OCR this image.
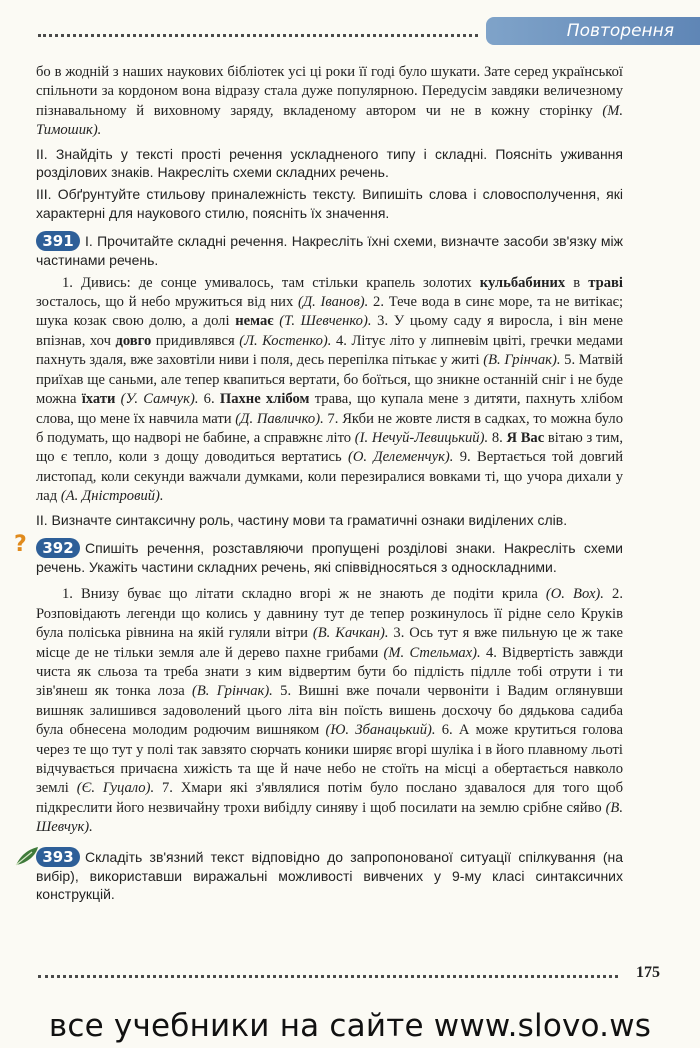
Повторення

бо в жодній з наших наукових бібліотек усі ці роки її годі було шукати. Зате серед української спільноти за кордоном вона відразу стала дуже популярною. Передусім завдяки величезному пізнавальному й виховному заряду, вкладеному автором чи не в кожну сторінку (М. Тимошик).

II. Знайдіть у тексті прості речення ускладненого типу і складні. Поясніть уживання розділових знаків. Накресліть схеми складних речень.

III. Обґрунтуйте стильову приналежність тексту. Випишіть слова і словосполучення, які характерні для наукового стилю, поясніть їх значення.

391 I. Прочитайте складні речення. Накресліть їхні схеми, визначте засоби зв'язку між частинами речень.

1. Дивись: де сонце умивалось, там стільки крапель золотих кульбабиних в траві зосталось, що й небо мружиться від них (Д. Іванов). 2. Тече вода в синє море, та не витікає; шука козак свою долю, а долі немає (Т. Шевченко). 3. У цьому саду я виросла, і він мене впізнав, хоч довго придивлявся (Л. Костенко). 4. Літує літо у липневім цвіті, гречки медами пахнуть здаля, вже заховтіли ниви і поля, десь перепілка пітькає у житі (В. Грінчак). 5. Матвій приїхав ще саньми, але тепер квапиться вертати, бо боїться, що зникне останній сніг і не буде можна їхати (У. Самчук). 6. Пахне хлібом трава, що купала мене з дитяти, пахнуть хлібом слова, що мене їх навчила мати (Д. Павличко). 7. Якби не жовте листя в садках, то можна було б подумать, що надворі не бабине, а справжнє літо (І. Нечуй-Левицький). 8. Я Вас вітаю з тим, що є тепло, коли з дощу доводиться вертатись (О. Делеменчук). 9. Вертається той довгий листопад, коли секунди важчали думками, коли перезиралися вовками ті, що учора дихали у лад (А. Дністровий).

II. Визначте синтаксичну роль, частину мови та граматичні ознаки виділених слів.

?	392 Спишіть речення, розставляючи пропущені розділові знаки. Накресліть схеми речень. Укажіть частини складних речень, які співвідносяться з односкладними.

1. Внизу буває що літати складно вгорі ж не знають де подіти крила (О. Вох). 2. Розповідають легенди що колись у давнину тут де тепер розкинулось її рідне село Круків була поліська рівнина на якій гуляли вітри (В. Качкан). 3. Ось тут я вже пильную це ж таке місце де не тільки земля але й дерево пахне грибами (М. Стельмах). 4. Відвертість завжди чиста як сльоза та треба знати з ким відвертим бути бо підлість підлле тобі отрути і ти зів'янеш як тонка лоза (В. Грінчак). 5. Вишні вже почали червоніти і Вадим оглянувши вишняк залишився задоволений цього літа він поїсть вишень досхочу бо дядькова садиба була обнесена молодим родючим вишняком (Ю. Збанацький). 6. А може крутиться голова через те що тут у полі так завзято сюрчать коники ширяє вгорі шуліка і в його плавному льоті відчувається причаєна хижість та ще й наче небо не стоїть на місці а обертається навколо землі (Є. Гуцало). 7. Хмари які з'являлися потім було послано здавалося для того щоб підкреслити його незвичайну трохи вибiдлу синяву і щоб посилати на землю срібне сяйво (В. Шевчук).

393 Складіть зв'язний текст відповідно до запропонованої ситуації спілкування (на вибір), використавши виражальні можливості вивчених у 9-му класі синтаксичних конструкцій.

175
все учебники на сайте www.slovo.ws
